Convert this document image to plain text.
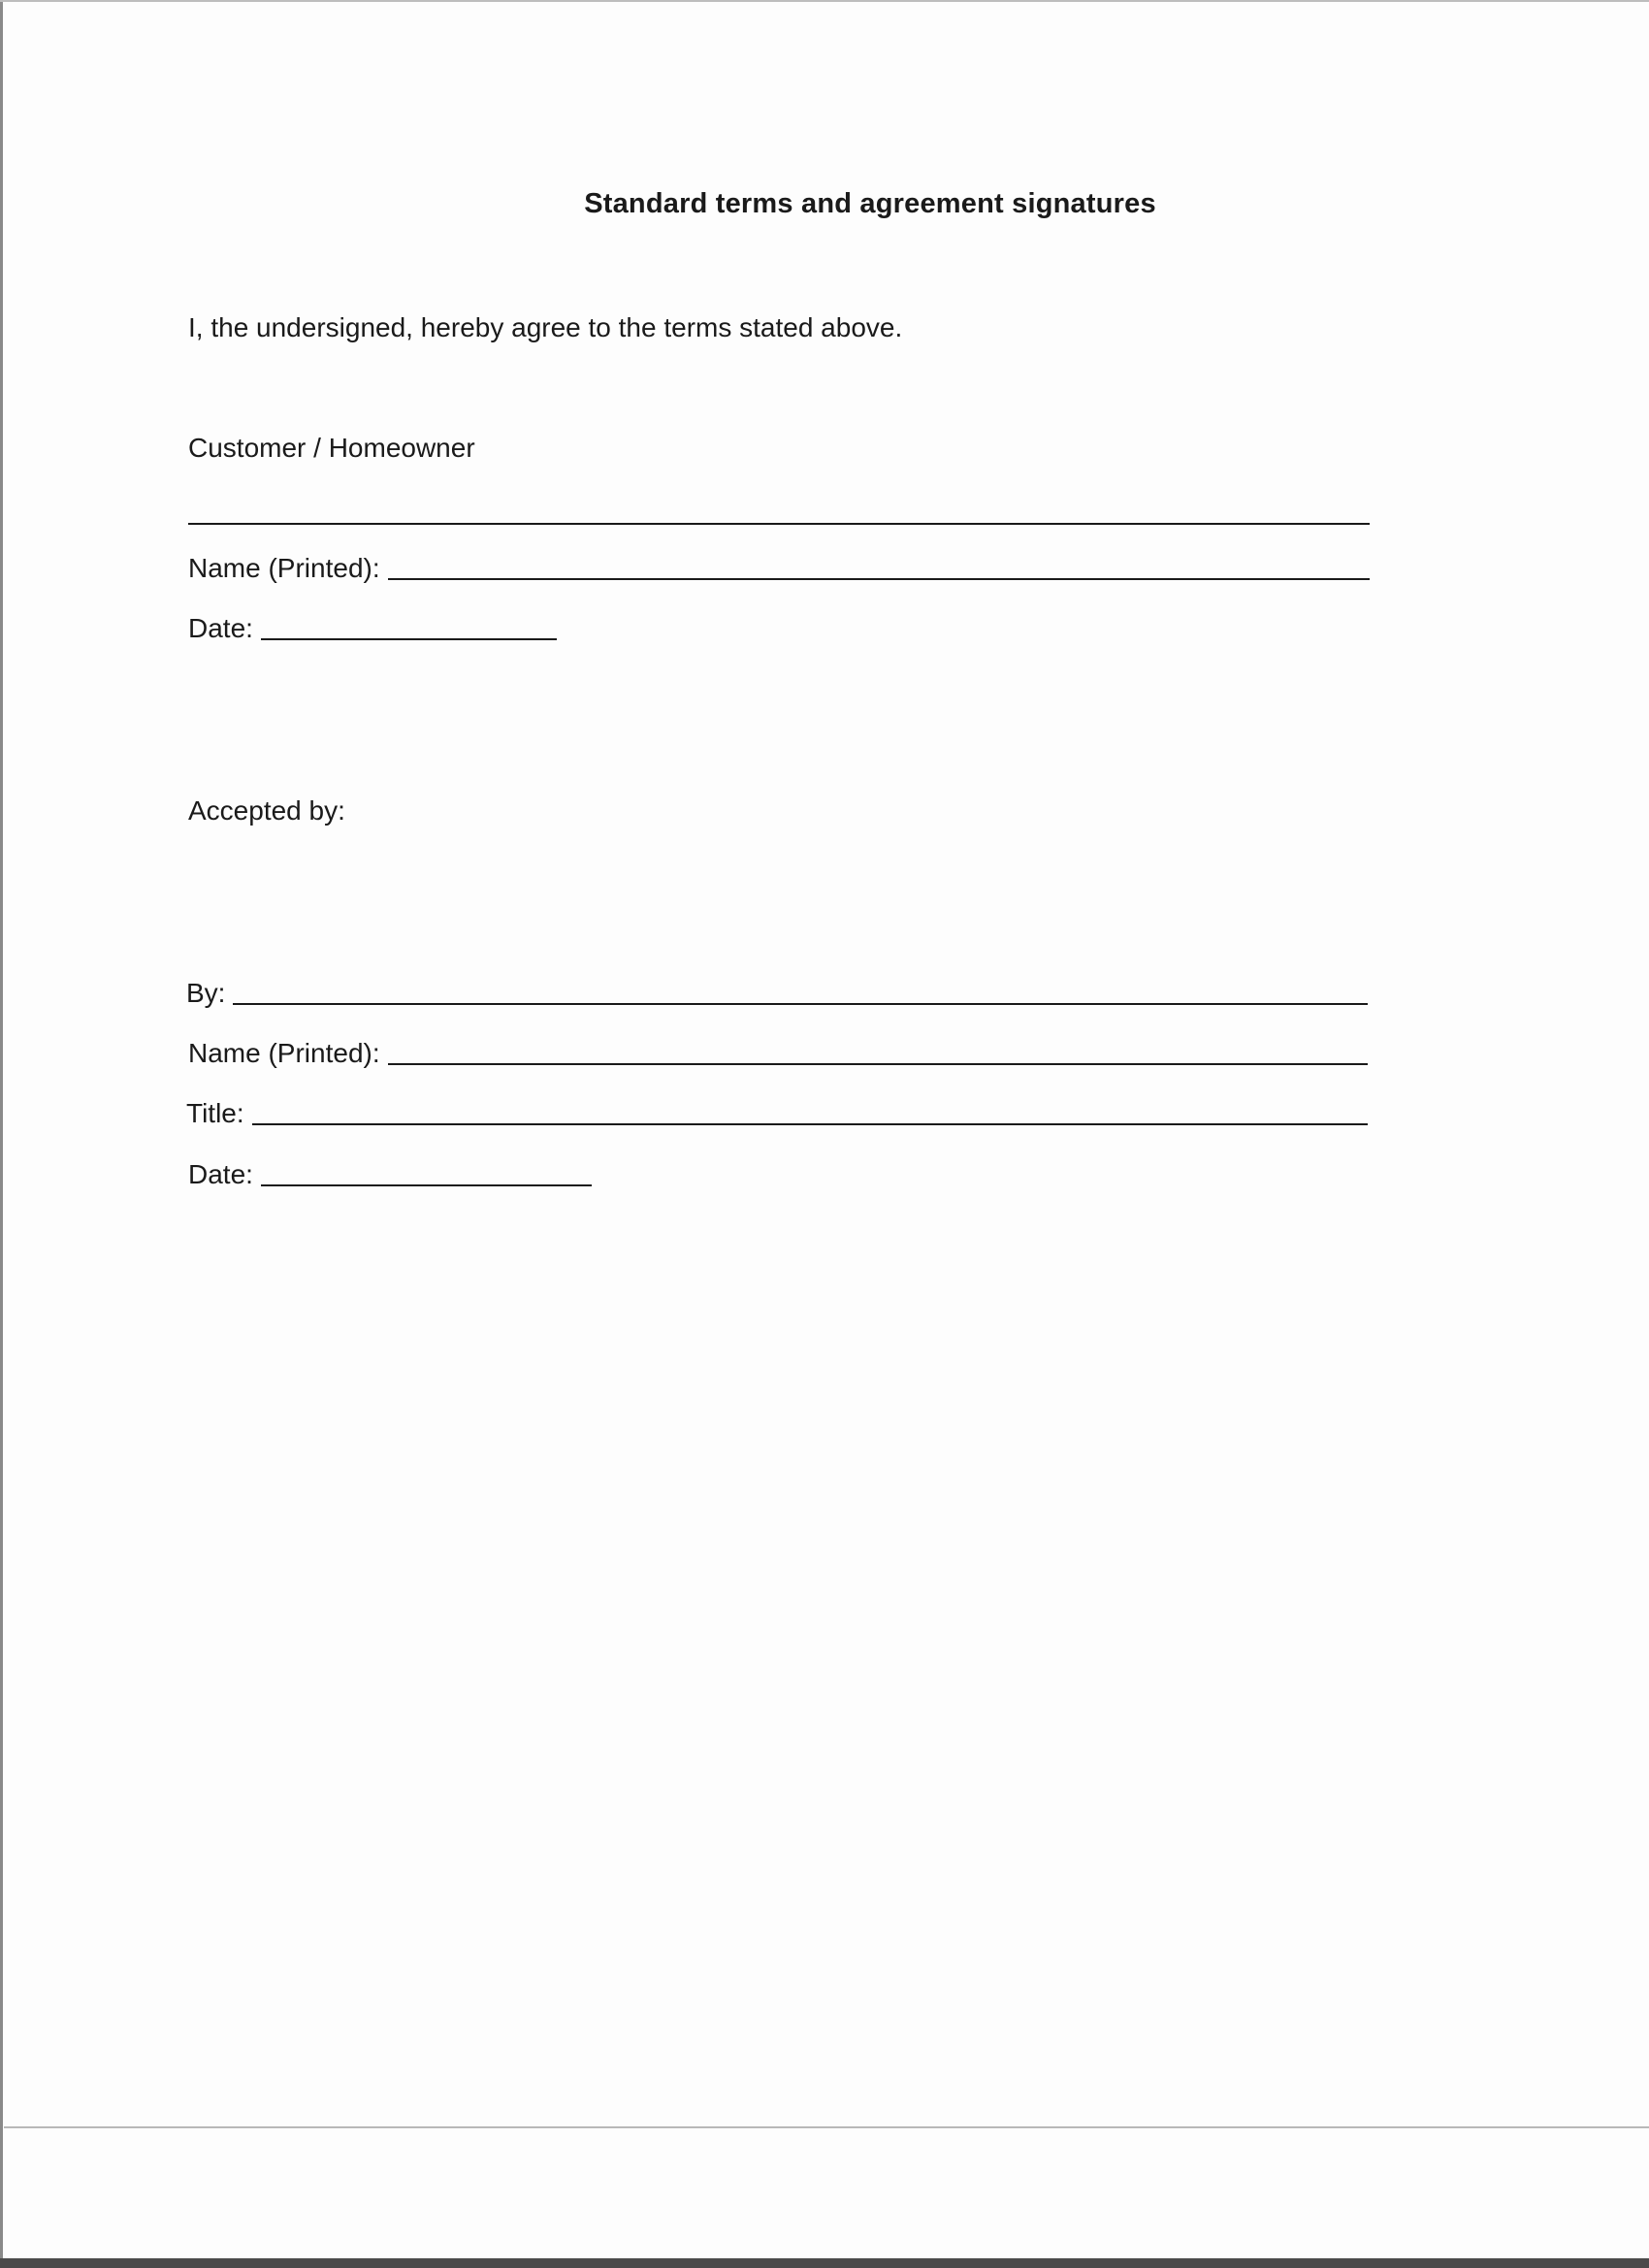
Standard terms and agreement signatures
I, the undersigned, hereby agree to the terms stated above.
Customer / Homeowner
Name (Printed):
Date:
Accepted by:
By:
Name (Printed):
Title:
Date:
